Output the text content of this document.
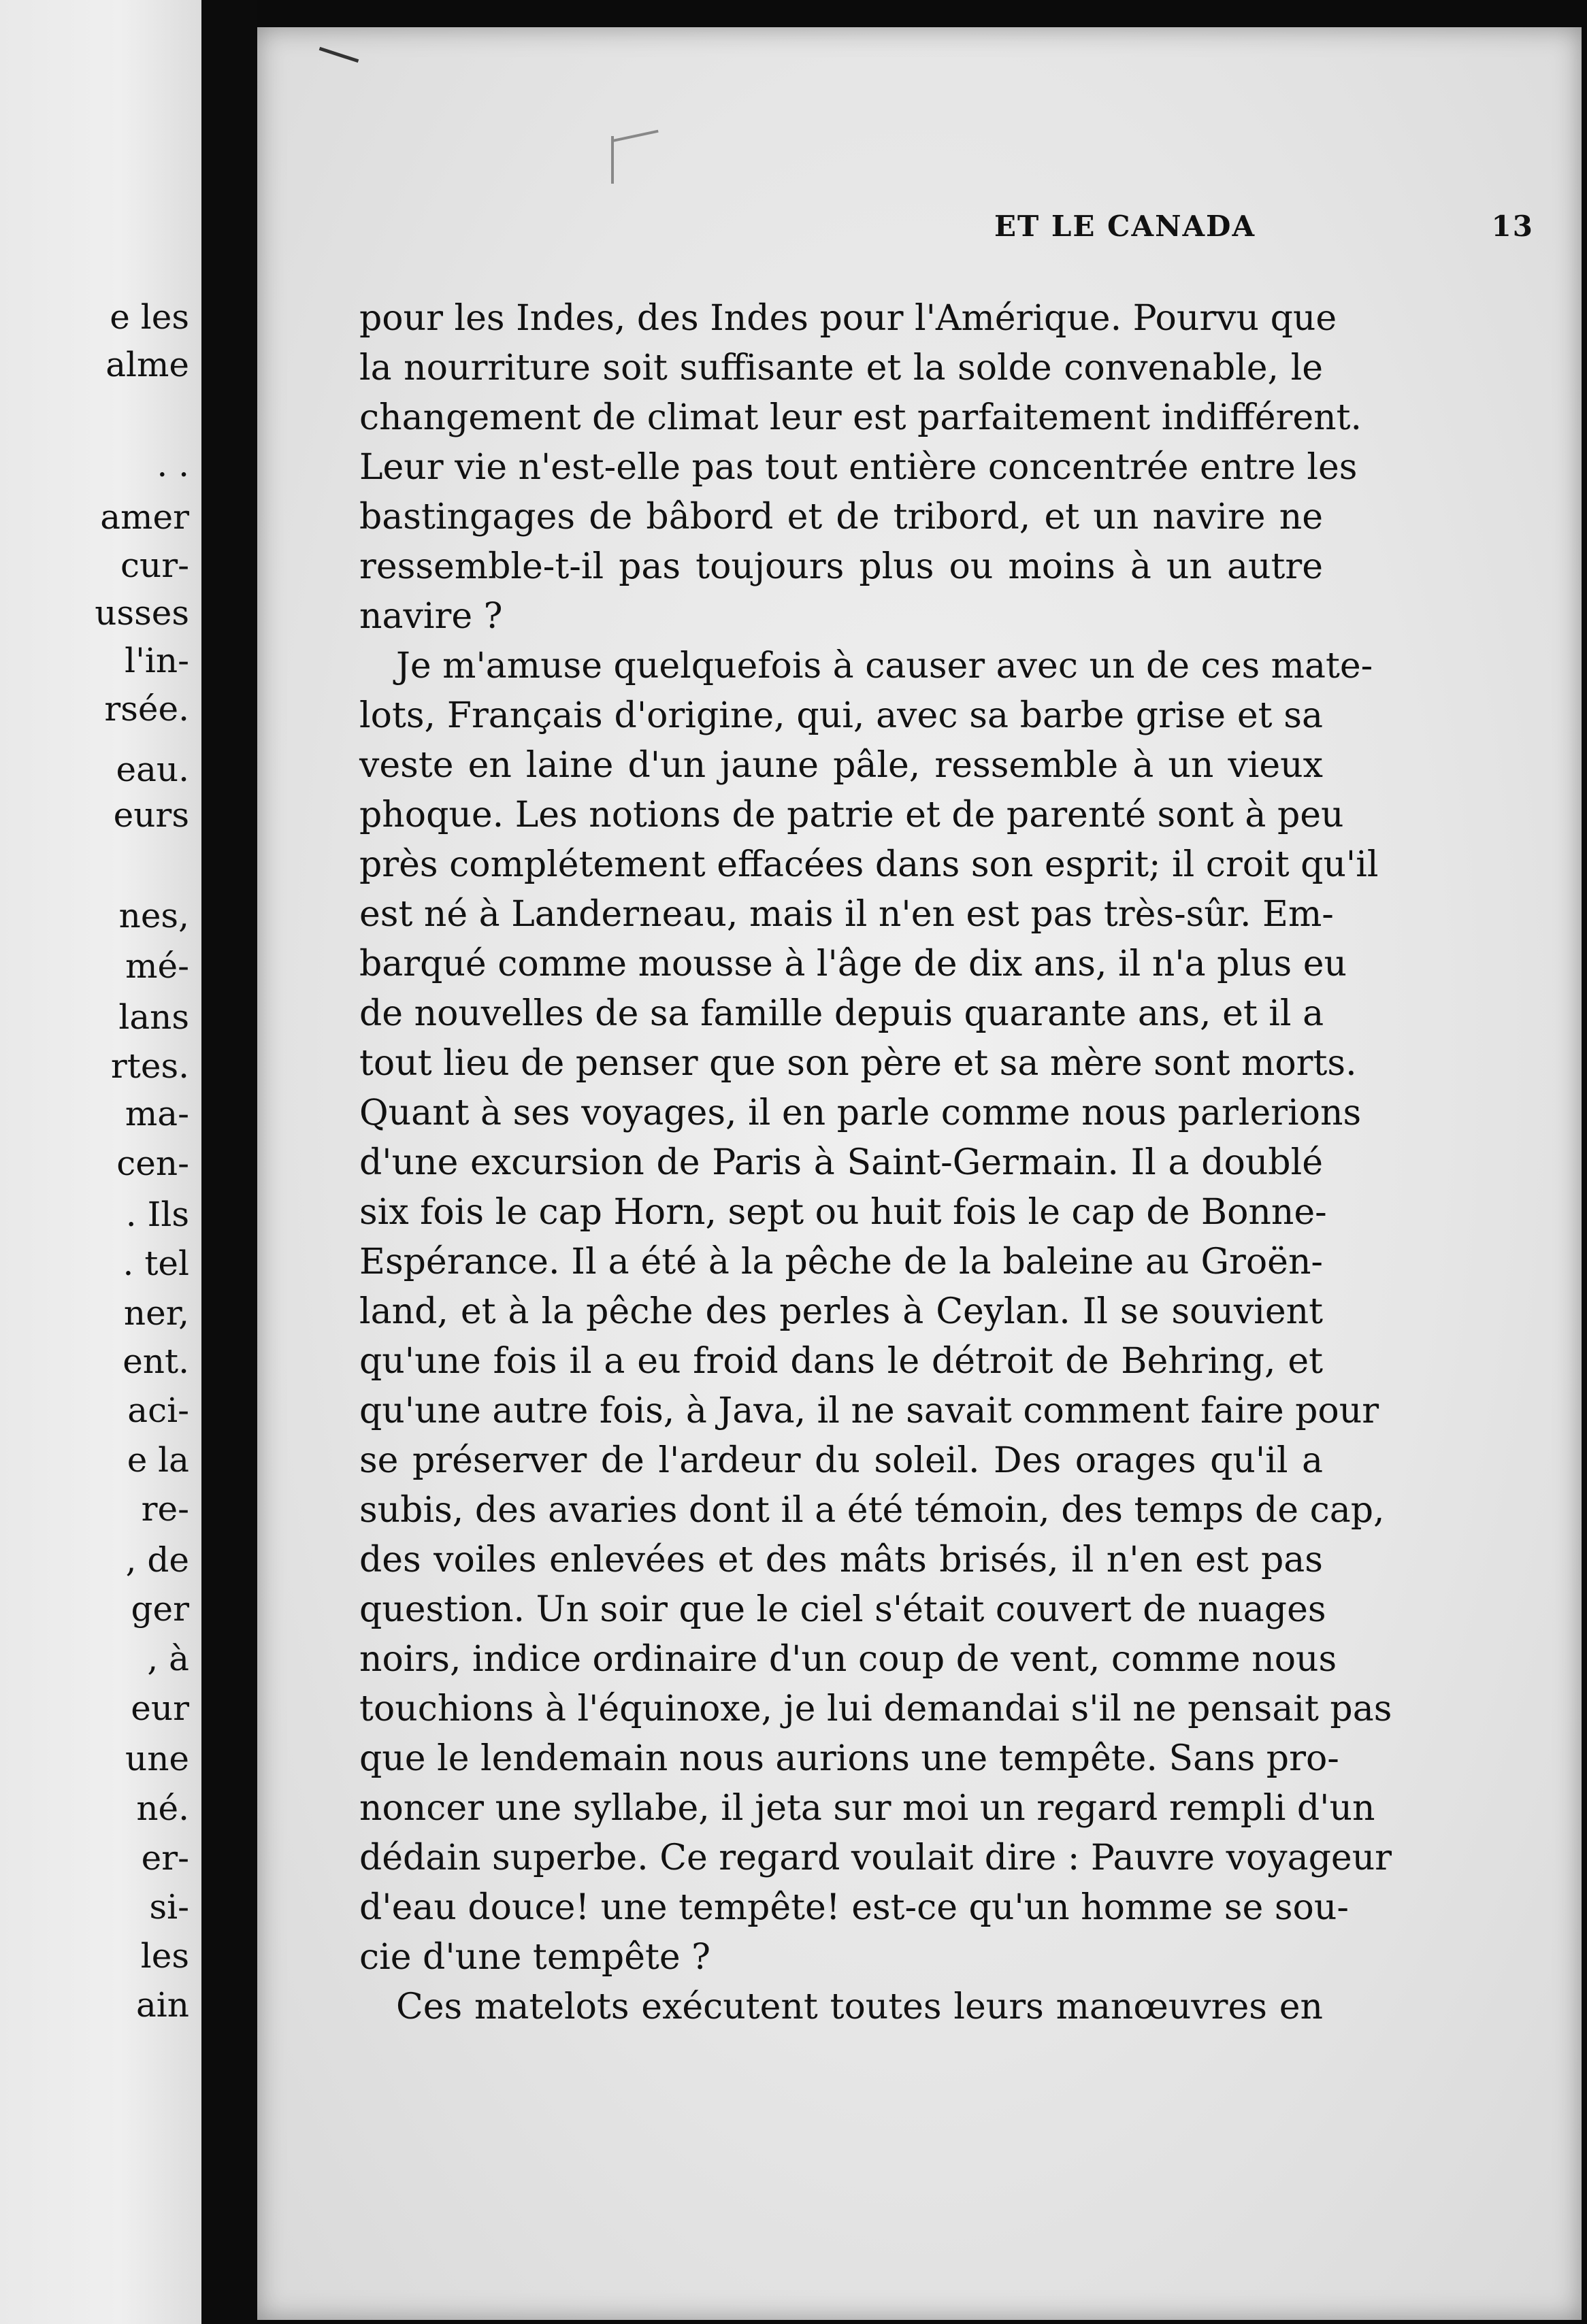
e les
alme
. .
amer
cur-
usses
l'in-
rsée.
eau.
eurs
nes,
mé-
lans
rtes.
ma-
cen-
. Ils
. tel
ner,
ent.
aci-
e la
re-
, de
ger
, à
eur
une
né.
er-
si-
les
ain
ET LE CANADA	13
pour les Indes, des Indes pour l'Amérique. Pourvu que
la nourriture soit suffisante et la solde convenable, le
changement de climat leur est parfaitement indifférent.
Leur vie n'est-elle pas tout entière concentrée entre les
bastingages de bâbord et de tribord, et un navire ne
ressemble-t-il pas toujours plus ou moins à un autre
navire ?
Je m'amuse quelquefois à causer avec un de ces mate-
lots, Français d'origine, qui, avec sa barbe grise et sa
veste en laine d'un jaune pâle, ressemble à un vieux
phoque. Les notions de patrie et de parenté sont à peu
près complétement effacées dans son esprit; il croit qu'il
est né à Landerneau, mais il n'en est pas très-sûr. Em-
barqué comme mousse à l'âge de dix ans, il n'a plus eu
de nouvelles de sa famille depuis quarante ans, et il a
tout lieu de penser que son père et sa mère sont morts.
Quant à ses voyages, il en parle comme nous parlerions
d'une excursion de Paris à Saint-Germain. Il a doublé
six fois le cap Horn, sept ou huit fois le cap de Bonne-
Espérance. Il a été à la pêche de la baleine au Groën-
land, et à la pêche des perles à Ceylan. Il se souvient
qu'une fois il a eu froid dans le détroit de Behring, et
qu'une autre fois, à Java, il ne savait comment faire pour
se préserver de l'ardeur du soleil. Des orages qu'il a
subis, des avaries dont il a été témoin, des temps de cap,
des voiles enlevées et des mâts brisés, il n'en est pas
question. Un soir que le ciel s'était couvert de nuages
noirs, indice ordinaire d'un coup de vent, comme nous
touchions à l'équinoxe, je lui demandai s'il ne pensait pas
que le lendemain nous aurions une tempête. Sans pro-
noncer une syllabe, il jeta sur moi un regard rempli d'un
dédain superbe. Ce regard voulait dire : Pauvre voyageur
d'eau douce! une tempête! est-ce qu'un homme se sou-
cie d'une tempête ?
Ces matelots exécutent toutes leurs manœuvres en
